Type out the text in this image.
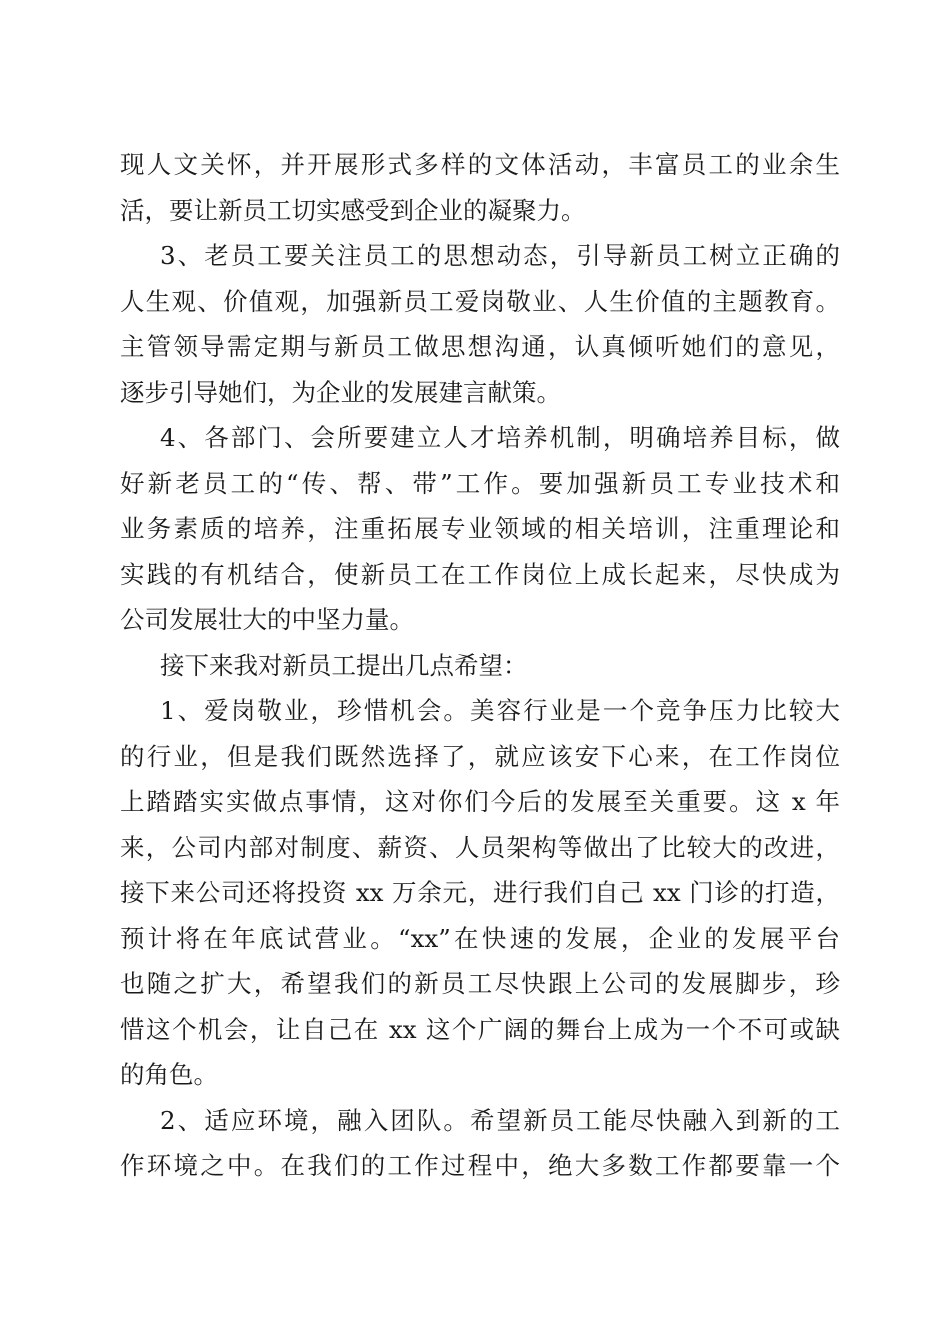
现人文关怀，并开展形式多样的文体活动，丰富员工的业余生
活，要让新员工切实感受到企业的凝聚力。
3、老员工要关注员工的思想动态，引导新员工树立正确的
人生观、价值观，加强新员工爱岗敬业、人生价值的主题教育。
主管领导需定期与新员工做思想沟通，认真倾听她们的意见，
逐步引导她们，为企业的发展建言献策。
4、各部门、会所要建立人才培养机制，明确培养目标，做
好新老员工的“传、帮、带”工作。要加强新员工专业技术和
业务素质的培养，注重拓展专业领域的相关培训，注重理论和
实践的有机结合，使新员工在工作岗位上成长起来，尽快成为
公司发展壮大的中坚力量。
接下来我对新员工提出几点希望：
1、爱岗敬业，珍惜机会。美容行业是一个竞争压力比较大
的行业，但是我们既然选择了，就应该安下心来，在工作岗位
上踏踏实实做点事情，这对你们今后的发展至关重要。这 x 年
来，公司内部对制度、薪资、人员架构等做出了比较大的改进，
接下来公司还将投资 xx 万余元，进行我们自己 xx 门诊的打造，
预计将在年底试营业。“xx”在快速的发展，企业的发展平台
也随之扩大，希望我们的新员工尽快跟上公司的发展脚步，珍
惜这个机会，让自己在 xx 这个广阔的舞台上成为一个不可或缺
的角色。
2、适应环境，融入团队。希望新员工能尽快融入到新的工
作环境之中。在我们的工作过程中，绝大多数工作都要靠一个
